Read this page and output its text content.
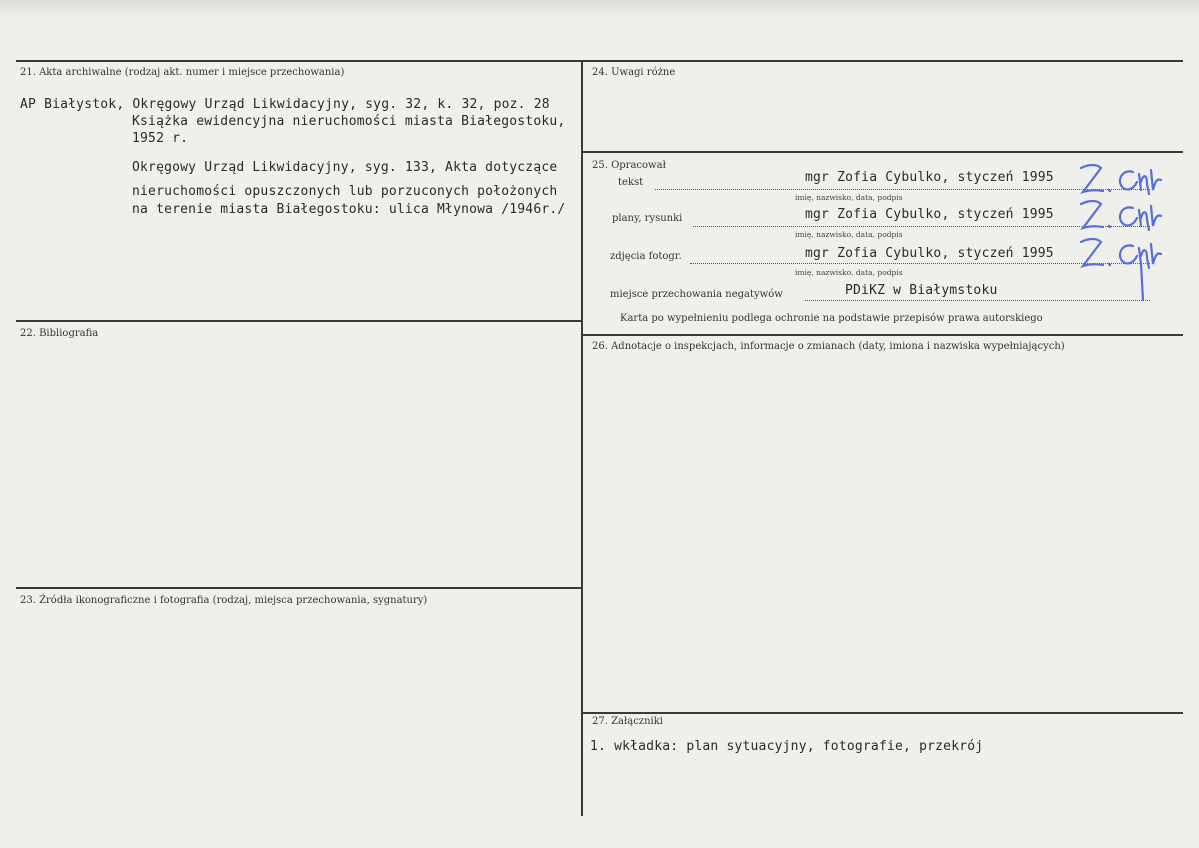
21. Akta archiwalne (rodzaj akt. numer i miejsce przechowania)
AP Białystok, Okręgowy Urząd Likwidacyjny, syg. 32, k. 32, poz. 28
Książka ewidencyjna nieruchomości miasta Białegostoku,
1952 r.
Okręgowy Urząd Likwidacyjny, syg. 133, Akta dotyczące
nieruchomości opuszczonych lub porzuconych położonych
na terenie miasta Białegostoku: ulica Młynowa /1946r./
22. Bibliografia
23. Źródła ikonograficzne i fotografia (rodzaj, miejsca przechowania, sygnatury)
24. Uwagi różne
25. Opracował
tekst	mgr Zofia Cybulko, styczeń 1995
imię, nazwisko, data, podpis
plany, rysunki	mgr Zofia Cybulko, styczeń 1995
imię, nazwisko, data, podpis
zdjęcia fotogr.	mgr Zofia Cybulko, styczeń 1995
imię, nazwisko, data, podpis
miejsce przechowania negatywów	PDiKZ w Białymstoku
Karta po wypełnieniu podlega ochronie na podstawie przepisów prawa autorskiego
26. Adnotacje o inspekcjach, informacje o zmianach (daty, imiona i nazwiska wypełniających)
27. Załączniki
1. wkładka: plan sytuacyjny, fotografie, przekrój
